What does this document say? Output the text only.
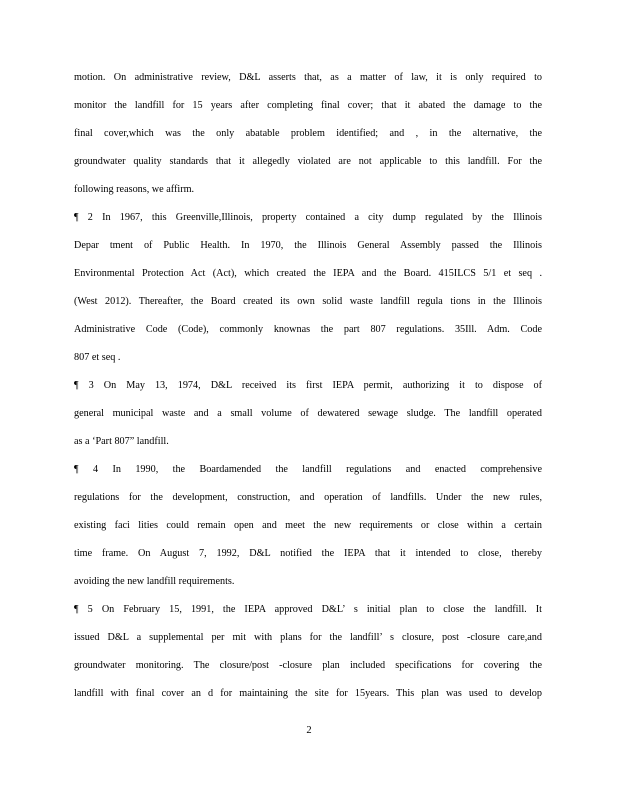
motion. On administrative review, D&L asserts that, as a matter of law, it is only required to
monitor the landfill for 15 years after completing final cover; that it abated the damage to the
final cover,which was the only abatable problem identified; and , in the alternative, the
groundwater quality standards that it allegedly violated are not applicable to this landfill. For the
following reasons, we affirm.
¶ 2 In 1967, this Greenville,Illinois, property contained a city dump regulated by the Illinois
Depar tment of Public Health. In 1970, the Illinois General Assembly passed the Illinois
Environmental Protection Act (Act), which created the IEPA and the Board. 415ILCS 5/1 et seq .
(West 2012). Thereafter, the Board created its own solid waste landfill regula tions in the Illinois
Administrative Code (Code), commonly knownas the part 807 regulations. 35Ill. Adm. Code
807 et seq .
¶ 3 On May 13, 1974, D&L received its first IEPA permit, authorizing it to dispose of
general municipal waste and a small volume of dewatered sewage sludge. The landfill operated
as a ‘Part 807” landfill.
¶ 4 In 1990, the Boardamended the landfill regulations and enacted comprehensive
regulations for the development, construction, and operation of landfills. Under the new rules,
existing faci lities could remain open and meet the new requirements or close within a certain
time frame. On August 7, 1992, D&L notified the IEPA that it intended to close, thereby
avoiding the new landfill requirements.
¶ 5 On February 15, 1991, the IEPA approved D&L’ s initial plan to close the landfill. It
issued D&L a supplemental per mit with plans for the landfill’ s closure, post -closure care,and
groundwater monitoring. The closure/post -closure plan included specifications for covering the
landfill with final cover an d for maintaining the site for 15years. This plan was used to develop
2
